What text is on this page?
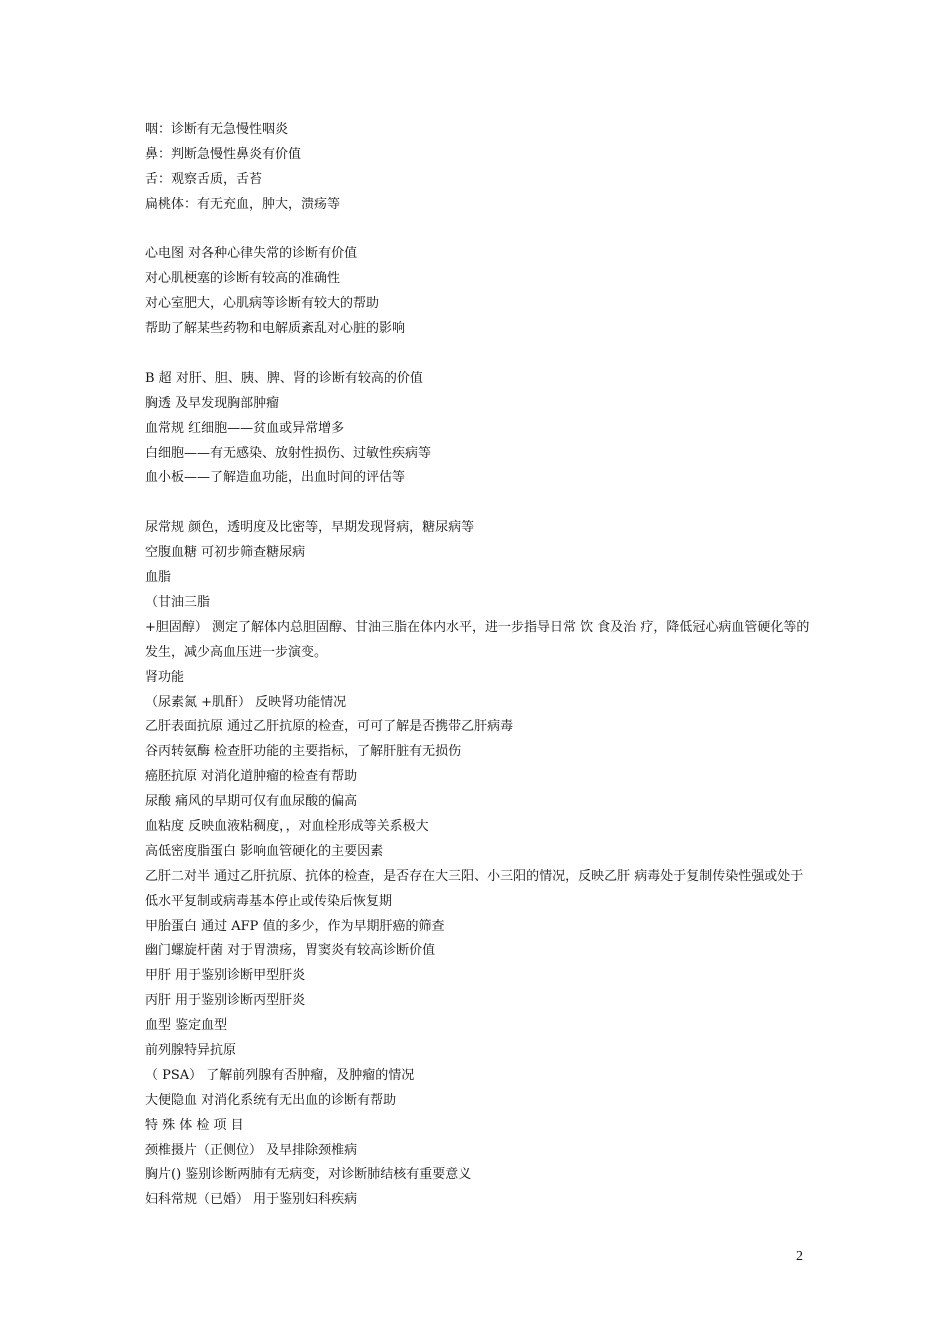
咽：诊断有无急慢性咽炎
鼻：判断急慢性鼻炎有价值
舌：观察舌质，舌苔
扁桃体：有无充血，肿大，溃疡等
心电图 对各种心律失常的诊断有价值
对心肌梗塞的诊断有较高的准确性
对心室肥大，心肌病等诊断有较大的帮助
帮助了解某些药物和电解质紊乱对心脏的影响
B 超 对肝、胆、胰、脾、肾的诊断有较高的价值
胸透 及早发现胸部肿瘤
血常规 红细胞——贫血或异常增多
白细胞——有无感染、放射性损伤、过敏性疾病等
血小板——了解造血功能，出血时间的评估等
尿常规 颜色，透明度及比密等，早期发现肾病，糖尿病等
空腹血糖 可初步筛查糖尿病
血脂
（甘油三脂
+胆固醇） 测定了解体内总胆固醇、甘油三脂在体内水平，进一步指导日常 饮 食及治 疗，降低冠心病血管硬化等的发生，减少高血压进一步演变。
肾功能
（尿素氮 +肌酐） 反映肾功能情况
乙肝表面抗原 通过乙肝抗原的检查，可可了解是否携带乙肝病毒
谷丙转氨酶 检查肝功能的主要指标，了解肝脏有无损伤
癌胚抗原 对消化道肿瘤的检查有帮助
尿酸 痛风的早期可仅有血尿酸的偏高
血粘度 反映血液粘稠度，，对血栓形成等关系极大
高低密度脂蛋白 影响血管硬化的主要因素
乙肝二对半 通过乙肝抗原、抗体的检查，是否存在大三阳、小三阳的情况，反映乙肝 病毒处于复制传染性强或处于低水平复制或病毒基本停止或传染后恢复期
甲胎蛋白 通过 AFP 值的多少，作为早期肝癌的筛查
幽门螺旋杆菌 对于胃溃疡，胃窦炎有较高诊断价值
甲肝 用于鉴别诊断甲型肝炎
丙肝 用于鉴别诊断丙型肝炎
血型 鉴定血型
前列腺特异抗原
（ PSA） 了解前列腺有否肿瘤，及肿瘤的情况
大便隐血 对消化系统有无出血的诊断有帮助
特 殊 体 检 项 目
颈椎摄片（正侧位） 及早排除颈椎病
胸片() 鉴别诊断两肺有无病变，对诊断肺结核有重要意义
妇科常规（已婚） 用于鉴别妇科疾病
2
